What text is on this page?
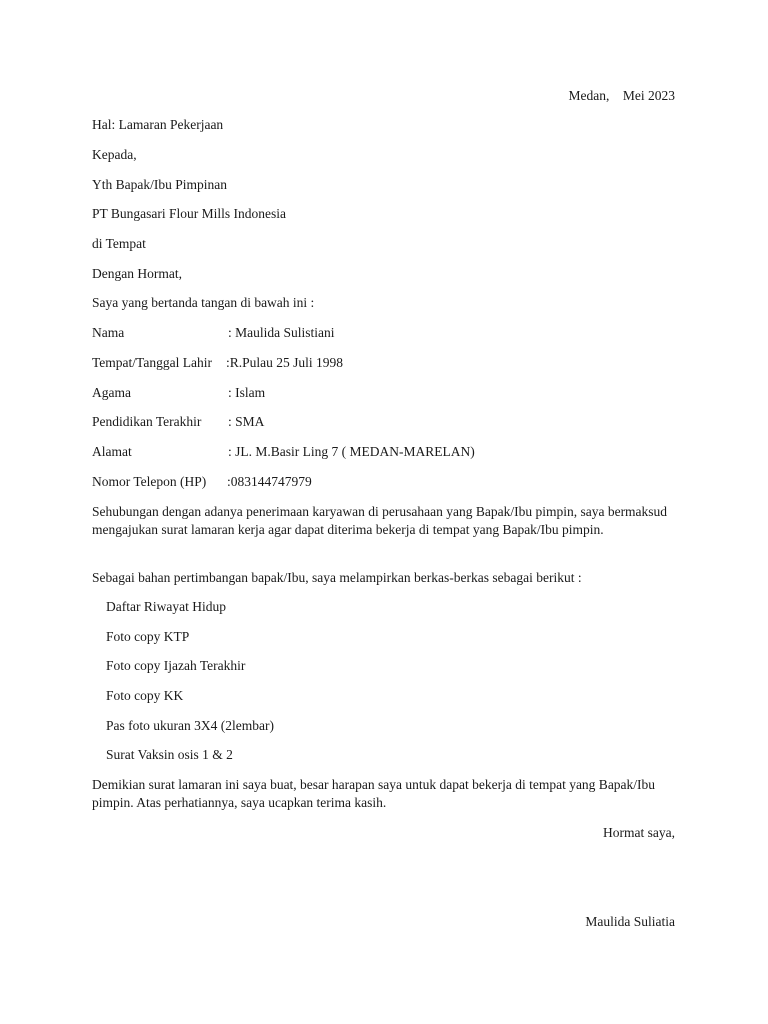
Medan, Mei 2023
Hal: Lamaran Pekerjaan
Kepada,
Yth Bapak/Ibu Pimpinan
PT Bungasari Flour Mills Indonesia
di Tempat
Dengan Hormat,
Saya yang bertanda tangan di bawah ini :
Nama	: Maulida Sulistiani
Tempat/Tanggal Lahir :R.Pulau 25 Juli 1998
Agama	: Islam
Pendidikan Terakhir : SMA
Alamat	: JL. M.Basir Ling 7 ( MEDAN-MARELAN)
Nomor Telepon (HP) :083144747979
Sehubungan dengan adanya penerimaan karyawan di perusahaan yang Bapak/Ibu pimpin, saya bermaksud mengajukan surat lamaran kerja agar dapat diterima bekerja di tempat yang Bapak/Ibu pimpin.
Sebagai bahan pertimbangan bapak/Ibu, saya melampirkan berkas-berkas sebagai berikut :
Daftar Riwayat Hidup
Foto copy KTP
Foto copy Ijazah Terakhir
Foto copy KK
Pas foto ukuran 3X4 (2lembar)
Surat Vaksin osis 1 & 2
Demikian surat lamaran ini saya buat, besar harapan saya untuk dapat bekerja di tempat yang Bapak/Ibu pimpin. Atas perhatiannya, saya ucapkan terima kasih.
Hormat saya,
Maulida Suliatia
